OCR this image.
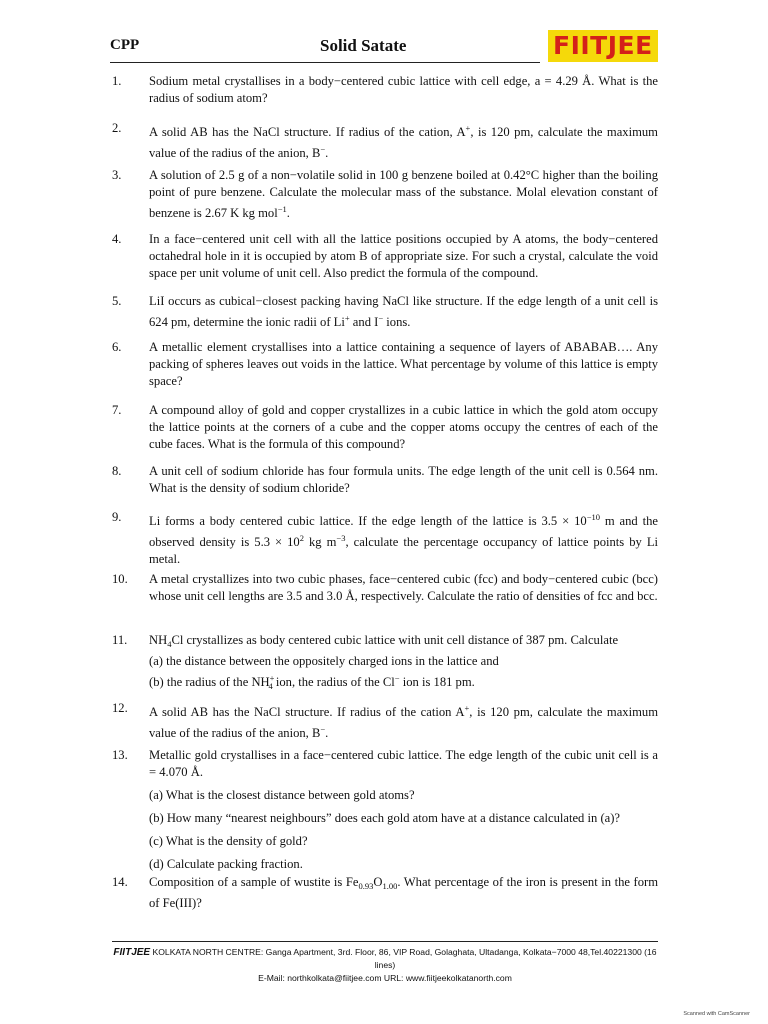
CPP	Solid Satate	FIITJEE
1. Sodium metal crystallises in a body−centered cubic lattice with cell edge, a = 4.29 Å. What is the radius of sodium atom?
2. A solid AB has the NaCl structure. If radius of the cation, A+, is 120 pm, calculate the maximum value of the radius of the anion, B−.
3. A solution of 2.5 g of a non−volatile solid in 100 g benzene boiled at 0.42°C higher than the boiling point of pure benzene. Calculate the molecular mass of the substance. Molal elevation constant of benzene is 2.67 K kg mol$^{-1}$.
4. In a face−centered unit cell with all the lattice positions occupied by A atoms, the body−centered octahedral hole in it is occupied by atom B of appropriate size. For such a crystal, calculate the void space per unit volume of unit cell. Also predict the formula of the compound.
5. LiI occurs as cubical−closest packing having NaCl like structure. If the edge length of a unit cell is 624 pm, determine the ionic radii of Li+ and I− ions.
6. A metallic element crystallises into a lattice containing a sequence of layers of ABABAB…. Any packing of spheres leaves out voids in the lattice. What percentage by volume of this lattice is empty space?
7. A compound alloy of gold and copper crystallizes in a cubic lattice in which the gold atom occupy the lattice points at the corners of a cube and the copper atoms occupy the centres of each of the cube faces. What is the formula of this compound?
8. A unit cell of sodium chloride has four formula units. The edge length of the unit cell is 0.564 nm. What is the density of sodium chloride?
9. Li forms a body centered cubic lattice. If the edge length of the lattice is $3.5 \times 10^{-10}$ m and the observed density is $5.3 \times 10^2$ kg $m^{-3}$, calculate the percentage occupancy of lattice points by Li metal.
10. A metal crystallizes into two cubic phases, face−centered cubic (fcc) and body−centered cubic (bcc) whose unit cell lengths are 3.5 and 3.0 Å, respectively. Calculate the ratio of densities of fcc and bcc.
11. $NH_4Cl$ crystallizes as body centered cubic lattice with unit cell distance of 387 pm. Calculate
(a) the distance between the oppositely charged ions in the lattice and
(b) the radius of the $NH^+_4$ ion, the radius of the Cl− ion is 181 pm.
12. A solid AB has the NaCl structure. If radius of the cation A+, is 120 pm, calculate the maximum value of the radius of the anion, B−.
13. Metallic gold crystallises in a face−centered cubic lattice. The edge length of the cubic unit cell is a = 4.070 Å.
(a) What is the closest distance between gold atoms?
(b) How many “nearest neighbours” does each gold atom have at a distance calculated in (a)?
(c) What is the density of gold?
(d) Calculate packing fraction.
14. Composition of a sample of wustite is $Fe_{0.93}O_{1.00}$. What percentage of the iron is present in the form of Fe(III)?
FIITJEE KOLKATA NORTH CENTRE: Ganga Apartment, 3rd. Floor, 86, VIP Road, Golaghata, Ultadanga, Kolkata−7000 48,Tel.40221300 (16 lines)
E-Mail: northkolkata@fiitjee.com URL: www.fiitjeekolkatanorth.com
Scanned with CamScanner
